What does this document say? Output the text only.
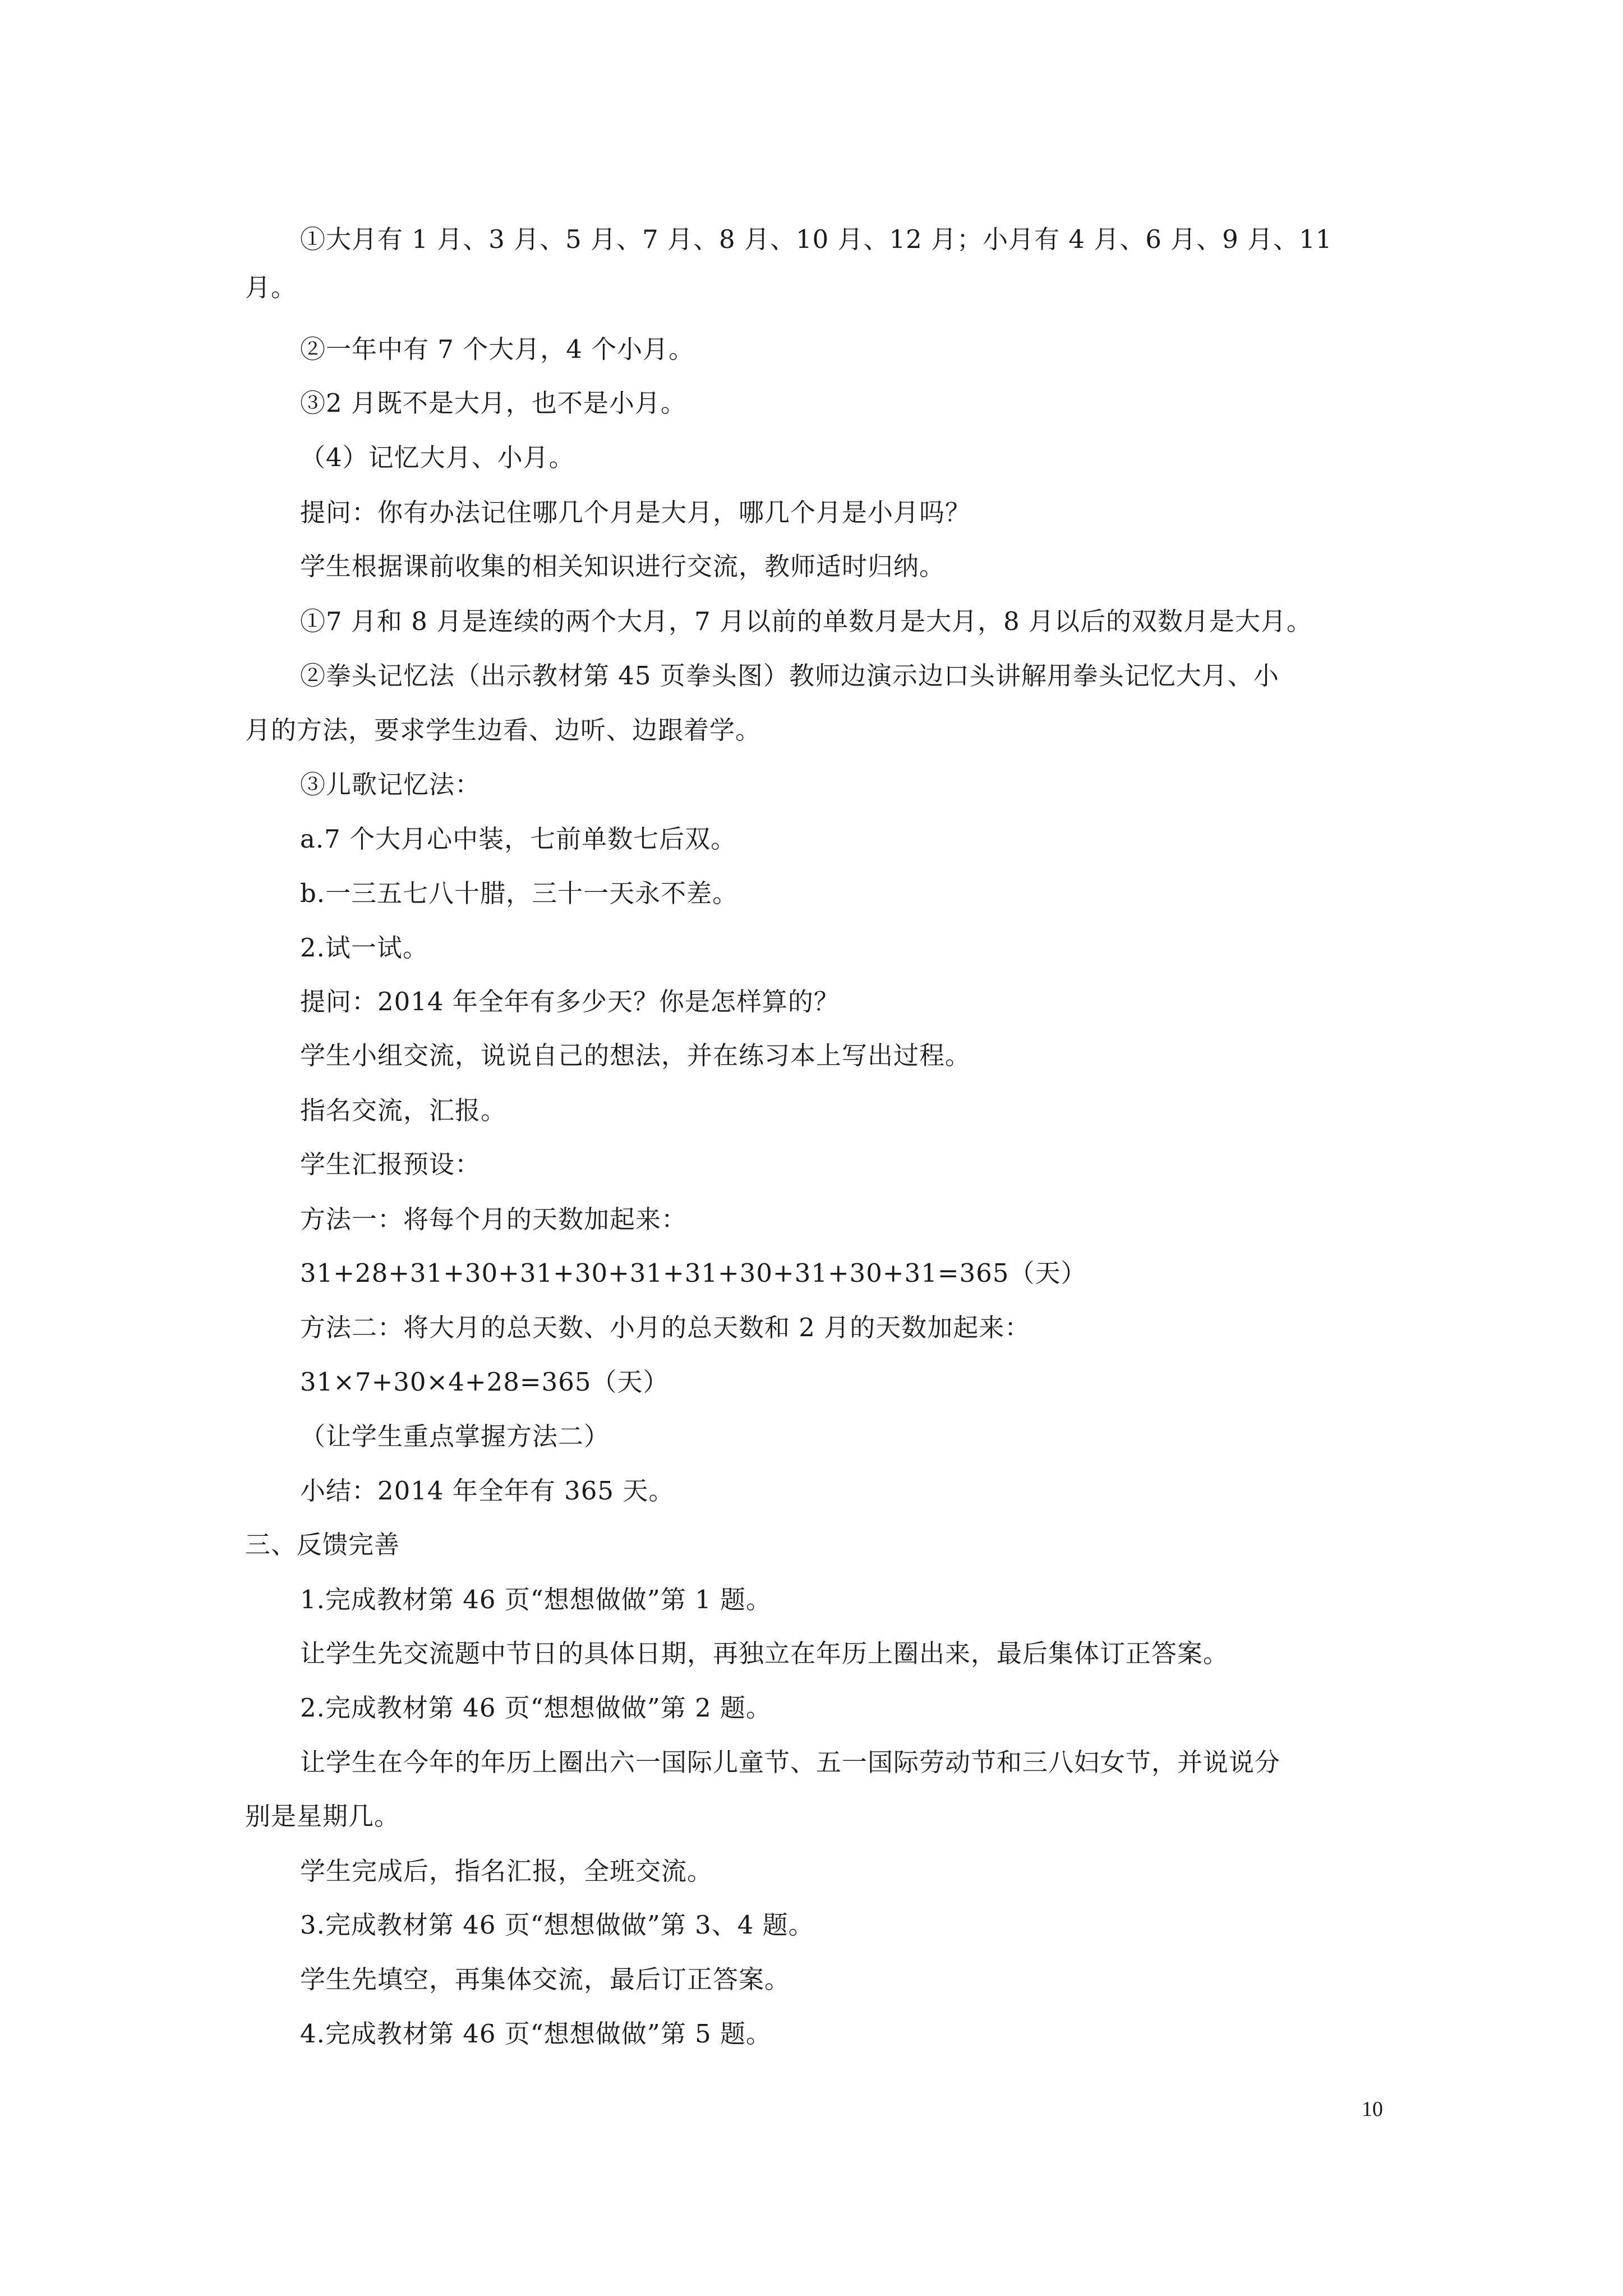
①大月有 1 月、3 月、5 月、7 月、8 月、10 月、12 月；小月有 4 月、6 月、9 月、11
月。
②一年中有 7 个大月，4 个小月。
③2 月既不是大月，也不是小月。
（4）记忆大月、小月。
提问：你有办法记住哪几个月是大月，哪几个月是小月吗？
学生根据课前收集的相关知识进行交流，教师适时归纳。
①7 月和 8 月是连续的两个大月，7 月以前的单数月是大月，8 月以后的双数月是大月。
②拳头记忆法（出示教材第 45 页拳头图）教师边演示边口头讲解用拳头记忆大月、小
月的方法，要求学生边看、边听、边跟着学。
③儿歌记忆法：
a.7 个大月心中装，七前单数七后双。
b.一三五七八十腊，三十一天永不差。
2.试一试。
提问：2014 年全年有多少天？你是怎样算的？
学生小组交流，说说自己的想法，并在练习本上写出过程。
指名交流，汇报。
学生汇报预设：
方法一：将每个月的天数加起来：
31+28+31+30+31+30+31+31+30+31+30+31=365（天）
方法二：将大月的总天数、小月的总天数和 2 月的天数加起来：
31×7+30×4+28=365（天）
（让学生重点掌握方法二）
小结：2014 年全年有 365 天。
三、反馈完善
1.完成教材第 46 页“想想做做”第 1 题。
让学生先交流题中节日的具体日期，再独立在年历上圈出来，最后集体订正答案。
2.完成教材第 46 页“想想做做”第 2 题。
让学生在今年的年历上圈出六一国际儿童节、五一国际劳动节和三八妇女节，并说说分
别是星期几。
学生完成后，指名汇报，全班交流。
3.完成教材第 46 页“想想做做”第 3、4 题。
学生先填空，再集体交流，最后订正答案。
4.完成教材第 46 页“想想做做”第 5 题。
10
